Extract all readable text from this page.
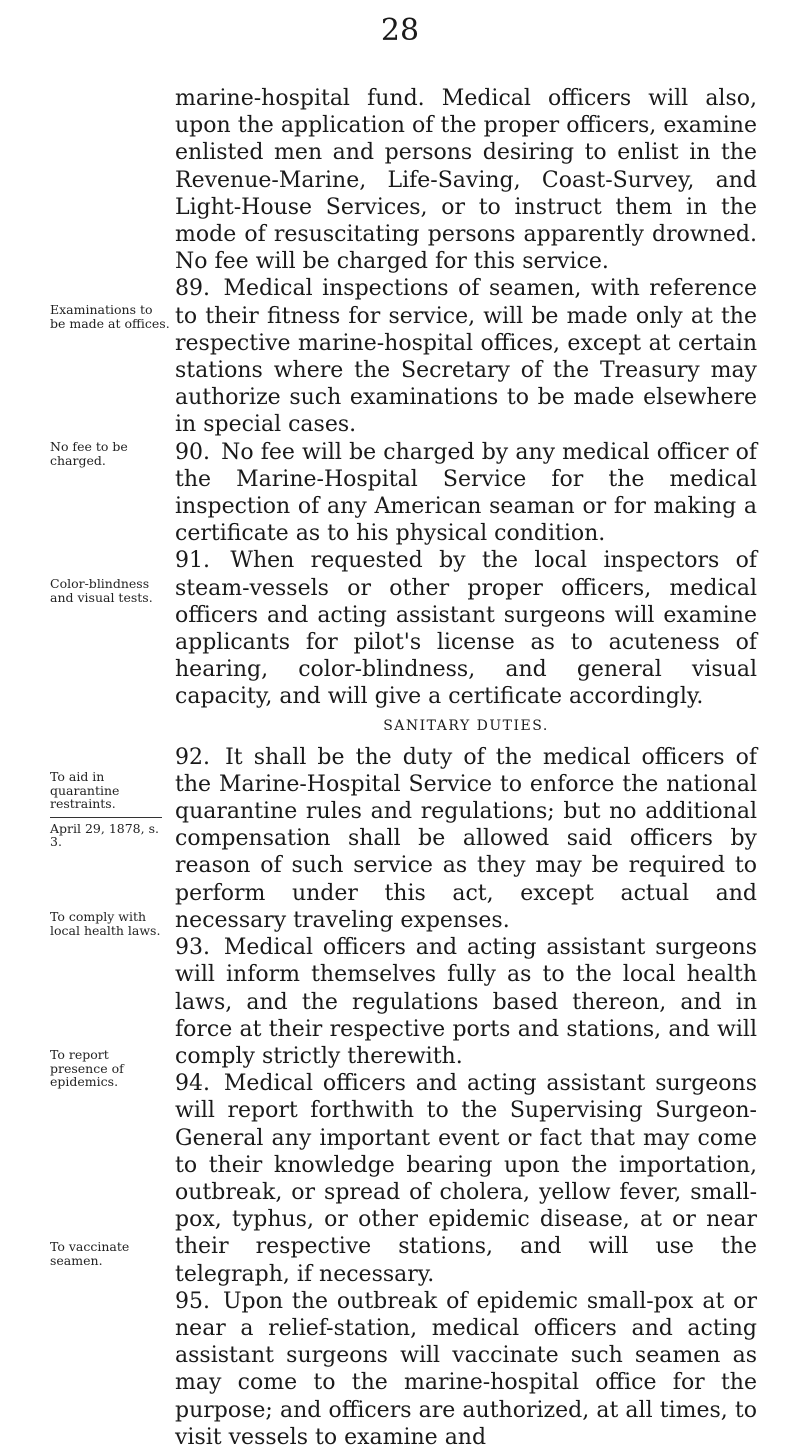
28

marine-hospital fund. Medical officers will also, upon the application of the proper officers, examine enlisted men and persons desiring to enlist in the Revenue-Marine, Life-Saving, Coast-Survey, and Light-House Services, or to instruct them in the mode of resuscitating persons apparently drowned. No fee will be charged for this service.

89. Medical inspections of seamen, with reference to their fitness for service, will be made only at the respective marine-hospital offices, except at certain stations where the Secretary of the Treasury may authorize such examinations to be made elsewhere in special cases.

90. No fee will be charged by any medical officer of the Marine-Hospital Service for the medical inspection of any American seaman or for making a certificate as to his physical condition.

91. When requested by the local inspectors of steam-vessels or other proper officers, medical officers and acting assistant surgeons will examine applicants for pilot's license as to acuteness of hearing, color-blindness, and general visual capacity, and will give a certificate accordingly.

SANITARY DUTIES.

92. It shall be the duty of the medical officers of the Marine-Hospital Service to enforce the national quarantine rules and regulations; but no additional compensation shall be allowed said officers by reason of such service as they may be required to perform under this act, except actual and necessary traveling expenses.

93. Medical officers and acting assistant surgeons will inform themselves fully as to the local health laws, and the regulations based thereon, and in force at their respective ports and stations, and will comply strictly therewith.

94. Medical officers and acting assistant surgeons will report forthwith to the Supervising Surgeon-General any important event or fact that may come to their knowledge bearing upon the importation, outbreak, or spread of cholera, yellow fever, small-pox, typhus, or other epidemic disease, at or near their respective stations, and will use the telegraph, if necessary.

95. Upon the outbreak of epidemic small-pox at or near a relief-station, medical officers and acting assistant surgeons will vaccinate such seamen as may come to the marine-hospital office for the purpose; and officers are authorized, at all times, to visit vessels to examine and

Examinations to be made at offices.
No fee to be charged.
Color-blindness and visual tests.
To aid in quarantine restraints.
April 29, 1878, s. 3.
To comply with local health laws.
To report presence of epidemics.
To vaccinate seamen.
